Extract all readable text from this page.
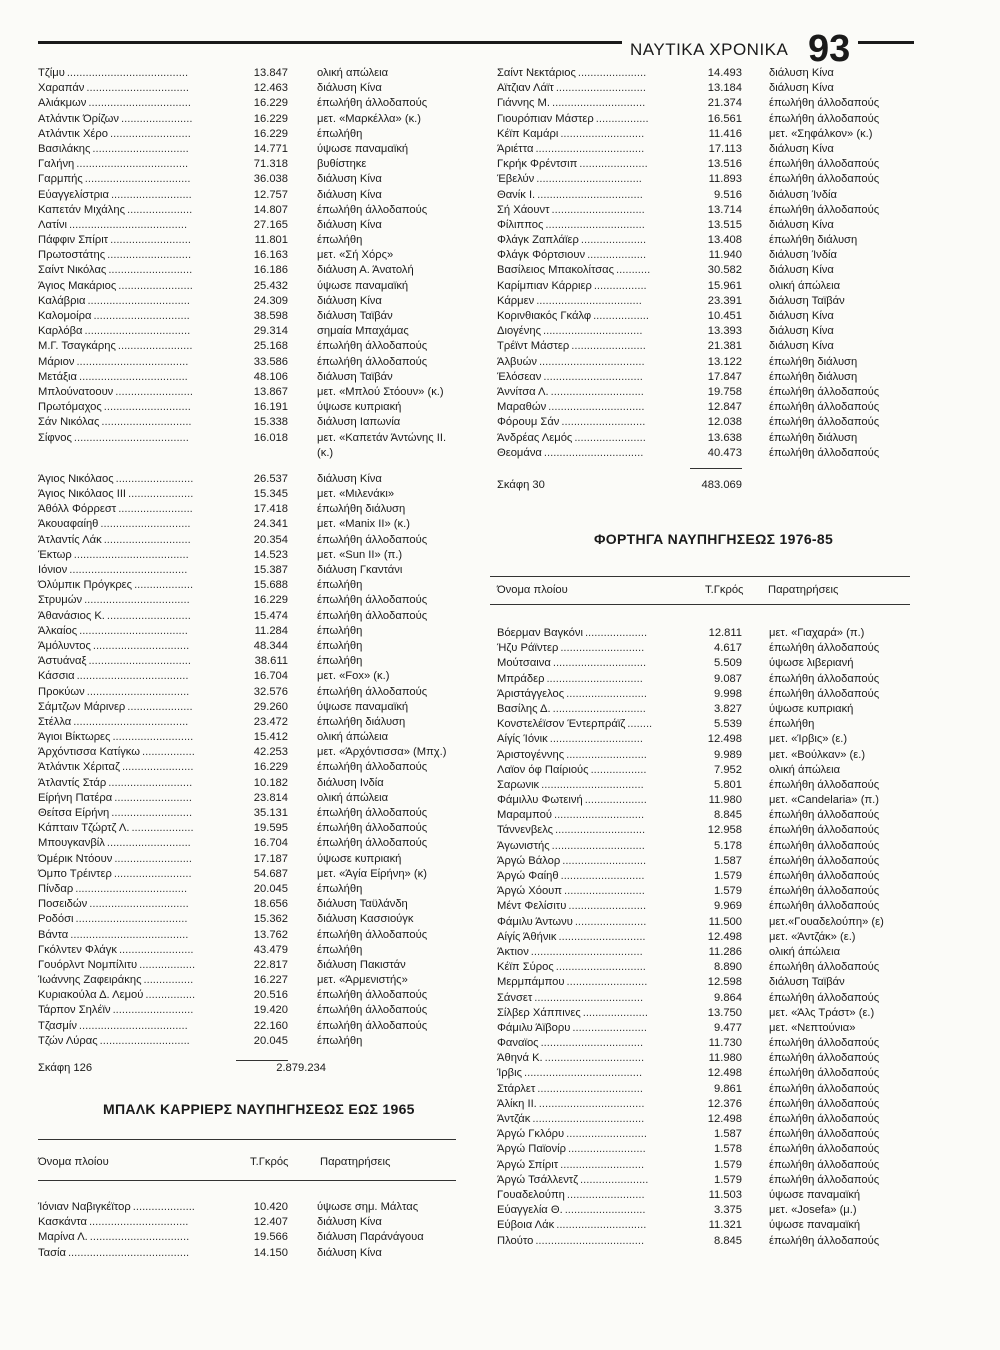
ΝΑΥΤΙΚΑ ΧΡΟΝΙΚΑ 93
Τζίμυ .......................................	13.847	ολική απώλεια
Χαραπάν .................................	12.463	διάλυση Κίνα
Αλιάκμων .................................	16.229	έπωλήθη άλλοδαπούς
Ατλάντικ Όρίζων .......................	16.229	μετ. «Μαρκέλλα» (κ.)
Ατλάντικ Χέρο ..........................	16.229	έπωλήθη
Βασιλάκης ...............................	14.771	ύψωσε παναμαϊκή
Γαλήνη ....................................	71.318	βυθίστηκε
Γαρμπής ..................................	36.038	διάλυση Κίνα
Εύαγγελίστρια ..........................	12.757	διάλυση Κίνα
Καπετάν Μιχάλης .....................	14.807	έπωλήθη άλλοδαπούς
Λατίνι ......................................	27.165	διάλυση Κίνα
Πάφφιν Σπίριτ ..........................	11.801	έπωλήθη
Πρωτοστάτης ...........................	16.163	μετ. «Σή Χόρς»
Σαίντ Νικόλας ...........................	16.186	διάλυση Α. Άνατολή
Άγιος Μακάριος ........................	25.432	ύψωσε παναμαϊκή
Καλάβρια .................................	24.309	διάλυση Κίνα
Καλομοίρα ...............................	38.598	διάλυση Ταϊβάν
Καρλόβα ..................................	29.314	σημαία Μπαχάμας
Μ.Γ. Τσαγκάρης ........................	25.168	έπωλήθη άλλοδαπούς
Μάριον ....................................	33.586	έπωλήθη άλλοδαπούς
Μετάξια ...................................	48.106	διάλυση Ταϊβάν
Μπλούνατοουν .........................	13.867	μετ. «Μπλού Στόουν» (κ.)
Πρωτόμαχος ............................	16.191	ύψωσε κυπριακή
Σάν Νικόλας .............................	15.338	διάλυση Ιαπωνία
Σίφνος .....................................	16.018	μετ. «Καπετάν Άντώνης ΙΙ.
(κ.)
Άγιος Νικόλαος .........................	26.537	διάλυση Κίνα
Άγιος Νικόλαος ΙΙΙ .....................	15.345	μετ. «Μιλενάκι»
Άθόλλ Φόρρεστ ........................	17.418	έπωλήθη διάλυση
Άκουαφαίηθ .............................	24.341	μετ. «Manix II» (κ.)
Άτλαντίς Λάκ ............................	20.354	έπωλήθη άλλοδαπούς
Έκτωρ .....................................	14.523	μετ. «Sun II» (π.)
Ιόνιον ......................................	15.387	διάλυση Γκαντάνι
Όλύμπικ Πρόγκρες ...................	15.688	έπωλήθη
Στρυμών ..................................	16.229	έπωλήθη άλλοδαπούς
Άθανάσιος Κ. ...........................	15.474	έπωλήθη άλλοδαπούς
Άλκαίος ...................................	11.284	έπωλήθη
Άμόλυντος ...............................	48.344	έπωλήθη
Άστυάναξ .................................	38.611	έπωλήθη
Κάσσια ....................................	16.704	μετ. «Fox» (κ.)
Προκύων .................................	32.576	έπωλήθη άλλοδαπούς
Σάμτζων Μάρινερ .....................	29.260	ύψωσε παναμαϊκή
Στέλλα .....................................	23.472	έπωλήθη διάλυση
Άγιοι Βίκτωρες ..........................	15.412	ολική άπώλεια
Άρχόντισσα Κατίγκω .................	42.253	μετ. «Άρχόντισσα» (Μπχ.)
Άτλάντικ Χέριταζ .......................	16.229	έπωλήθη άλλοδαπούς
Άτλαντίς Στάρ ...........................	10.182	διάλυση Ινδία
Είρήνη Πατέρα .........................	23.814	ολική άπώλεια
Θείτσα Είρήνη ..........................	35.131	έπωλήθη άλλοδαπούς
Κάπταιν Τζώρτζ Λ. ....................	19.595	έπωλήθη άλλοδαπούς
Μπουγκανβίλ ...........................	16.704	έπωλήθη άλλοδαπούς
Όμέρικ Ντόουν .........................	17.187	ύψωσε κυπριακή
Όμπο Τρέιντερ .........................	54.687	μετ. «Άγία Είρήνη» (κ)
Πίνδαρ ....................................	20.045	έπωλήθη
Ποσειδών ................................	18.656	διάλυση Ταϋλάνδη
Ροδόσι ....................................	15.362	διάλυση Κασσιούγκ
Βάντα ......................................	13.762	έπωλήθη άλλοδαπούς
Γκόλντεν Φλάγκ ........................	43.479	έπωλήθη
Γουόρλντ Νομπίλιτυ ..................	22.817	διάλυση Πακιστάν
Ίωάννης Ζαφειράκης ................	16.227	μετ. «Άρμενιστής»
Κυριακούλα Δ. Λεμού ................	20.516	έπωλήθη άλλοδαπούς
Τάρπον Σηλέϊν ..........................	19.420	έπωλήθη άλλοδαπούς
Τζασμίν ...................................	22.160	έπωλήθη άλλοδαπούς
Τζών Λύρας .............................	20.045	έπωλήθη
Σκάφη 126	2.879.234
ΜΠΑΛΚ ΚΑΡΡΙΕΡΣ ΝΑΥΠΗΓΗΣΕΩΣ ΕΩΣ 1965
Όνομα πλοίου	Τ.Γκρός	Παρατηρήσεις
Ίόνιαν Ναβιγκέϊτορ ....................	10.420	ύψωσε σημ. Μάλτας
Κασκάντα ................................	12.407	διάλυση Κίνα
Μαρίνα Λ. ................................	19.566	διάλυση Παράνάγουα
Τασία .......................................	14.150	διάλυση Κίνα
Σαίντ Νεκτάριος ......................	14.493 διάλυση Κίνα
Αϊτζιαν Λάϊτ .............................	13.184 διάλυση Κίνα
Γιάννης Μ. ..............................	21.374 έπωλήθη άλλοδαπούς
Γιουρόπιαν Μάστερ .................	16.561 έπωλήθη άλλοδαπούς
Κέϊπ Καμάρι ...........................	11.416 μετ. «Σηφάλκον» (κ.)
Άριέττα ...................................	17.113 διάλυση Κίνα
Γκρήκ Φρέντσιπ ......................	13.516 έπωλήθη άλλοδαπούς
Έβελύν ..................................	11.893 έπωλήθη άλλοδαπούς
Θανίκ Ι. ..................................	9.516 διάλυση Ίνδία
Σή Χάουντ ..............................	13.714 έπωλήθη άλλοδαπούς
Φίλιππος ................................	13.515 διάλυση Κίνα
Φλάγκ Ζαπλάϊερ .....................	13.408 έπωλήθη διάλυση
Φλάγκ Φόρτσιουν ...................	11.940 διάλυση Ίνδία
Βασίλειος Μπακολίτσας ...........	30.582 διάλυση Κίνα
Καρίμπιαν Κάρριερ .................	15.961 ολική άπώλεια
Κάρμεν ..................................	23.391 διάλυση Ταϊβάν
Κορινθιακός Γκάλφ ..................	10.451 διάλυση Κίνα
Διογένης ................................	13.393 διάλυση Κίνα
Τρέϊντ Μάστερ ........................	21.381 διάλυση Κίνα
Άλβυών ..................................	13.122 έπωλήθη διάλυση
Έλόσεαν ................................	17.847 έπωλήθη διάλυση
Άννίτσα Λ. ..............................	19.758 έπωλήθη άλλοδαπούς
Μαραθών ...............................	12.847 έπωλήθη άλλοδαπούς
Φόρουμ Σάν ...........................	12.038 έπωλήθη άλλοδαπούς
Άνδρέας Λεμός .......................	13.638 έπωλήθη διάλυση
Θεομάνα ................................	40.473 έπωλήθη άλλοδαπούς
Σκάφη 30	483.069
ΦΟΡΤΗΓΑ ΝΑΥΠΗΓΗΣΕΩΣ 1976-85
Όνομα πλοίου	Τ.Γκρός Παρατηρήσεις
Βόερμαν Βαγκόνι ....................	12.811 μετ. «Γιαχαρά» (π.)
Ήζυ Ράϊντερ ...........................	4.617 έπωλήθη άλλοδαπούς
Μούτσαινα ..............................	5.509 ύψωσε λιβεριανή
Μπράδερ ...............................	9.087 έπωλήθη άλλοδαπούς
Άριστάγγελος ..........................	9.998 έπωλήθη άλλοδαπούς
Βασίλης Δ. ..............................	3.827 ύψωσε κυπριακή
Κονστελέϊσον Έντερπράϊζ ........	5.539 έπωλήθη
Αίγίς Ίόνικ ..............................	12.498 μετ. «Ίρβις» (ε.)
Άριστογέννης ..........................	9.989 μετ. «Βούλκαν» (ε.)
Λαϊον όφ Παίριούς ..................	7.952 ολική άπώλεια
Σαρωνικ .................................	5.801 έπωλήθη άλλοδαπούς
Φάμιλλυ Φωτεινή ....................	11.980 μετ. «Candelaria» (π.)
Μαραμπού .............................	8.845 έπωλήθη άλλοδαπούς
Τάννενβελς .............................	12.958 έπωλήθη άλλοδαπούς
Άγωνιστής ..............................	5.178 έπωλήθη άλλοδαπούς
Άργώ Βάλορ ...........................	1.587 έπωλήθη άλλοδαπούς
Άργώ Φαίηθ ...........................	1.579 έπωλήθη άλλοδαπούς
Άργώ Χόουπ ..........................	1.579 έπωλήθη άλλοδαπούς
Μέντ Φελίσιτυ .........................	9.969 έπωλήθη άλλοδαπούς
Φάμιλυ Άντωνυ .......................	11.500 μετ.«Γουαδελούπη» (ε)
Αίγίς Άθήνικ ............................	12.498 μετ. «Άντζάκ» (ε.)
Άκτιον ....................................	11.286 ολική άπώλεια
Κέϊπ Σύρος .............................	8.890 έπωλήθη άλλοδαπούς
Μερμπάμπου ..........................	12.598 διάλυση Ταϊβάν
Σάνσετ ...................................	9.864 έπωλήθη άλλοδαπούς
Σίλβερ Χάππινες .....................	13.750 μετ. «Άλς Τράστ» (ε.)
Φάμιλυ Άϊβορυ ........................	9.477 μετ. «Νεπτούνια»
Φαναϊος .................................	11.730 έπωλήθη άλλοδαπούς
Άθηνά Κ. ................................	11.980 έπωλήθη άλλοδαπούς
Ίρβις ......................................	12.498 έπωλήθη άλλοδαπούς
Στάρλετ ..................................	9.861 έπωλήθη άλλοδαπούς
Άλίκη ΙΙ. ..................................	12.376 έπωλήθη άλλοδαπούς
Άντζάκ ....................................	12.498 έπωλήθη άλλοδαπούς
Άργώ Γκλόρυ ..........................	1.587 έπωλήθη άλλοδαπούς
Άργώ Παϊονίρ .........................	1.578 έπωλήθη άλλοδαπούς
Άργώ Σπίριτ ...........................	1.579 έπωλήθη άλλοδαπούς
Άργώ Τσάλλεντζ ......................	1.579 έπωλήθη άλλοδαπούς
Γουαδελούπη .........................	11.503 ύψωσε παναμαϊκή
Εύαγγελία Θ. ..........................	3.375 μετ. «Josefa» (μ.)
Εύβοια Λάκ .............................	11.321 ύψωσε παναμαϊκή
Πλούτο ...................................	8.845 έπωλήθη άλλοδαπούς
